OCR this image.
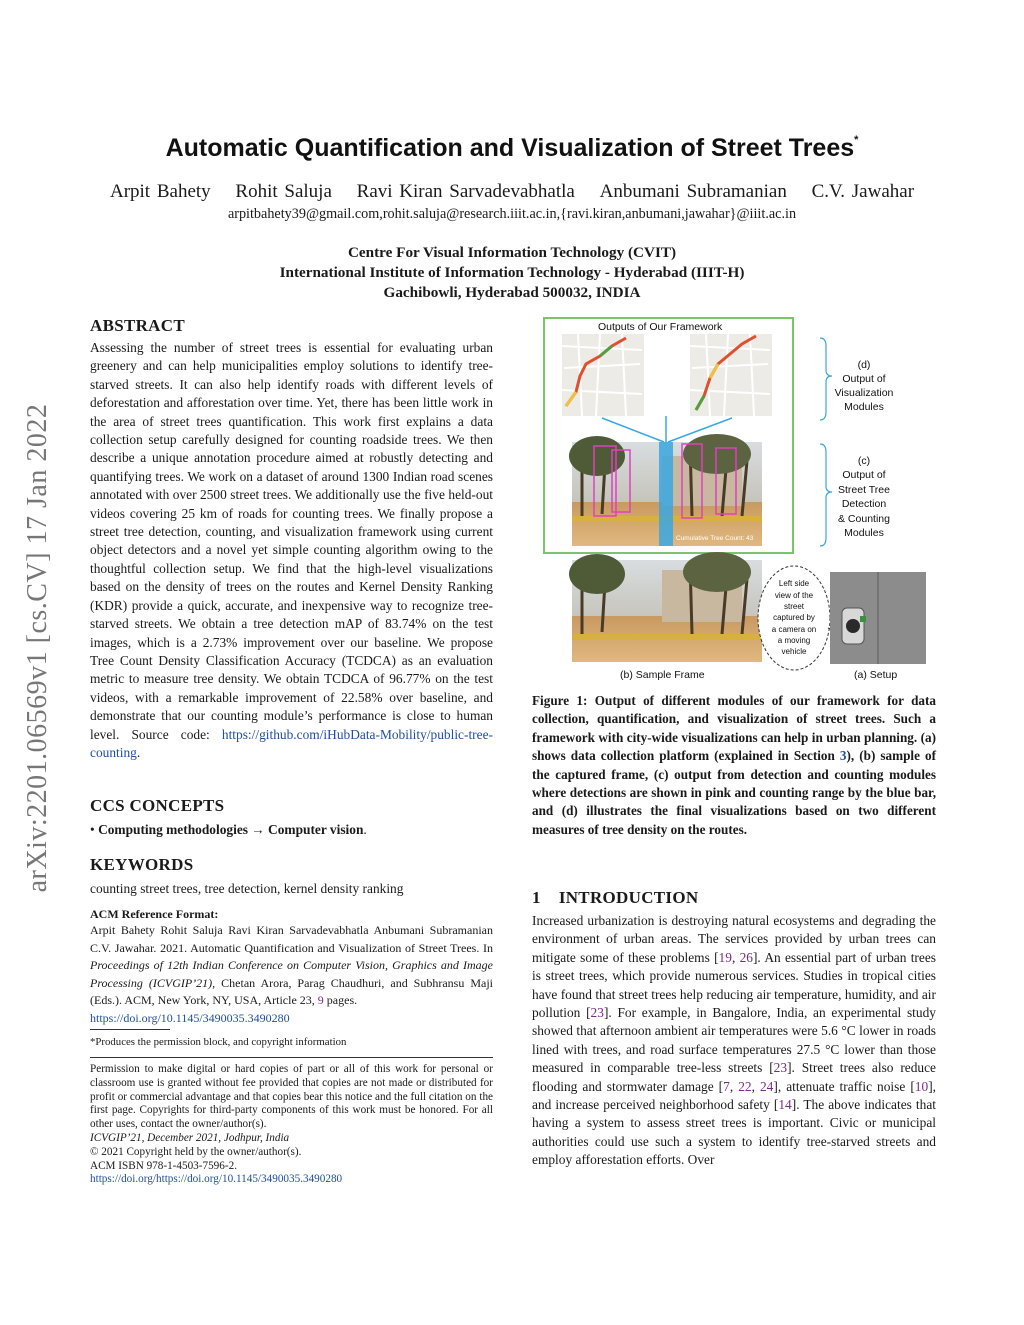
arXiv:2201.06569v1 [cs.CV] 17 Jan 2022
Automatic Quantification and Visualization of Street Trees*
Arpit Bahety Rohit Saluja Ravi Kiran Sarvadevabhatla Anbumani Subramanian C.V. Jawahar
arpitbahety39@gmail.com,rohit.saluja@research.iiit.ac.in,{ravi.kiran,anbumani,jawahar}@iiit.ac.in
Centre For Visual Information Technology (CVIT)
International Institute of Information Technology - Hyderabad (IIIT-H)
Gachibowli, Hyderabad 500032, INDIA
ABSTRACT
Assessing the number of street trees is essential for evaluating urban greenery and can help municipalities employ solutions to identify tree-starved streets. It can also help identify roads with different levels of deforestation and afforestation over time. Yet, there has been little work in the area of street trees quantification. This work first explains a data collection setup carefully designed for counting roadside trees. We then describe a unique annotation procedure aimed at robustly detecting and quantifying trees. We work on a dataset of around 1300 Indian road scenes annotated with over 2500 street trees. We additionally use the five held-out videos covering 25 km of roads for counting trees. We finally propose a street tree detection, counting, and visualization framework using current object detectors and a novel yet simple counting algorithm owing to the thoughtful collection setup. We find that the high-level visualizations based on the density of trees on the routes and Kernel Density Ranking (KDR) provide a quick, accurate, and inexpensive way to recognize tree-starved streets. We obtain a tree detection mAP of 83.74% on the test images, which is a 2.73% improvement over our baseline. We propose Tree Count Density Classification Accuracy (TCDCA) as an evaluation metric to measure tree density. We obtain TCDCA of 96.77% on the test videos, with a remarkable improvement of 22.58% over baseline, and demonstrate that our counting module’s performance is close to human level. Source code: https://github.com/iHubData-Mobility/public-tree-counting.
CCS CONCEPTS
• Computing methodologies → Computer vision.
KEYWORDS
counting street trees, tree detection, kernel density ranking
ACM Reference Format:
Arpit Bahety Rohit Saluja Ravi Kiran Sarvadevabhatla Anbumani Subramanian C.V. Jawahar. 2021. Automatic Quantification and Visualization of Street Trees. In Proceedings of 12th Indian Conference on Computer Vision, Graphics and Image Processing (ICVGIP’21), Chetan Arora, Parag Chaudhuri, and Subhransu Maji (Eds.). ACM, New York, NY, USA, Article 23, 9 pages.
https://doi.org/10.1145/3490035.3490280
*Produces the permission block, and copyright information
Permission to make digital or hard copies of part or all of this work for personal or classroom use is granted without fee provided that copies are not made or distributed for profit or commercial advantage and that copies bear this notice and the full citation on the first page. Copyrights for third-party components of this work must be honored. For all other uses, contact the owner/author(s).
ICVGIP’21, December 2021, Jodhpur, India
© 2021 Copyright held by the owner/author(s).
ACM ISBN 978-1-4503-7596-2.
https://doi.org/https://doi.org/10.1145/3490035.3490280
Outputs of Our Framework
Cumulative Tree Count: 43
(d)
Output of
Visualization
Modules
(c)
Output of
Street Tree
Detection
& Counting
Modules
Left side
view of the
street
captured by
a camera on
a moving
vehicle
(b) Sample Frame	(a) Setup
Figure 1: Output of different modules of our framework for data collection, quantification, and visualization of street trees. Such a framework with city-wide visualizations can help in urban planning. (a) shows data collection platform (explained in Section 3), (b) sample of the captured frame, (c) output from detection and counting modules where detections are shown in pink and counting range by the blue bar, and (d) illustrates the final visualizations based on two different measures of tree density on the routes.
1 INTRODUCTION
Increased urbanization is destroying natural ecosystems and degrading the environment of urban areas. The services provided by urban trees can mitigate some of these problems [19, 26]. An essential part of urban trees is street trees, which provide numerous services. Studies in tropical cities have found that street trees help reducing air temperature, humidity, and air pollution [23]. For example, in Bangalore, India, an experimental study showed that afternoon ambient air temperatures were 5.6 °C lower in roads lined with trees, and road surface temperatures 27.5 °C lower than those measured in comparable tree-less streets [23]. Street trees also reduce flooding and stormwater damage [7, 22, 24], attenuate traffic noise [10], and increase perceived neighborhood safety [14]. The above indicates that having a system to assess street trees is important. Civic or municipal authorities could use such a system to identify tree-starved streets and employ afforestation efforts. Over
